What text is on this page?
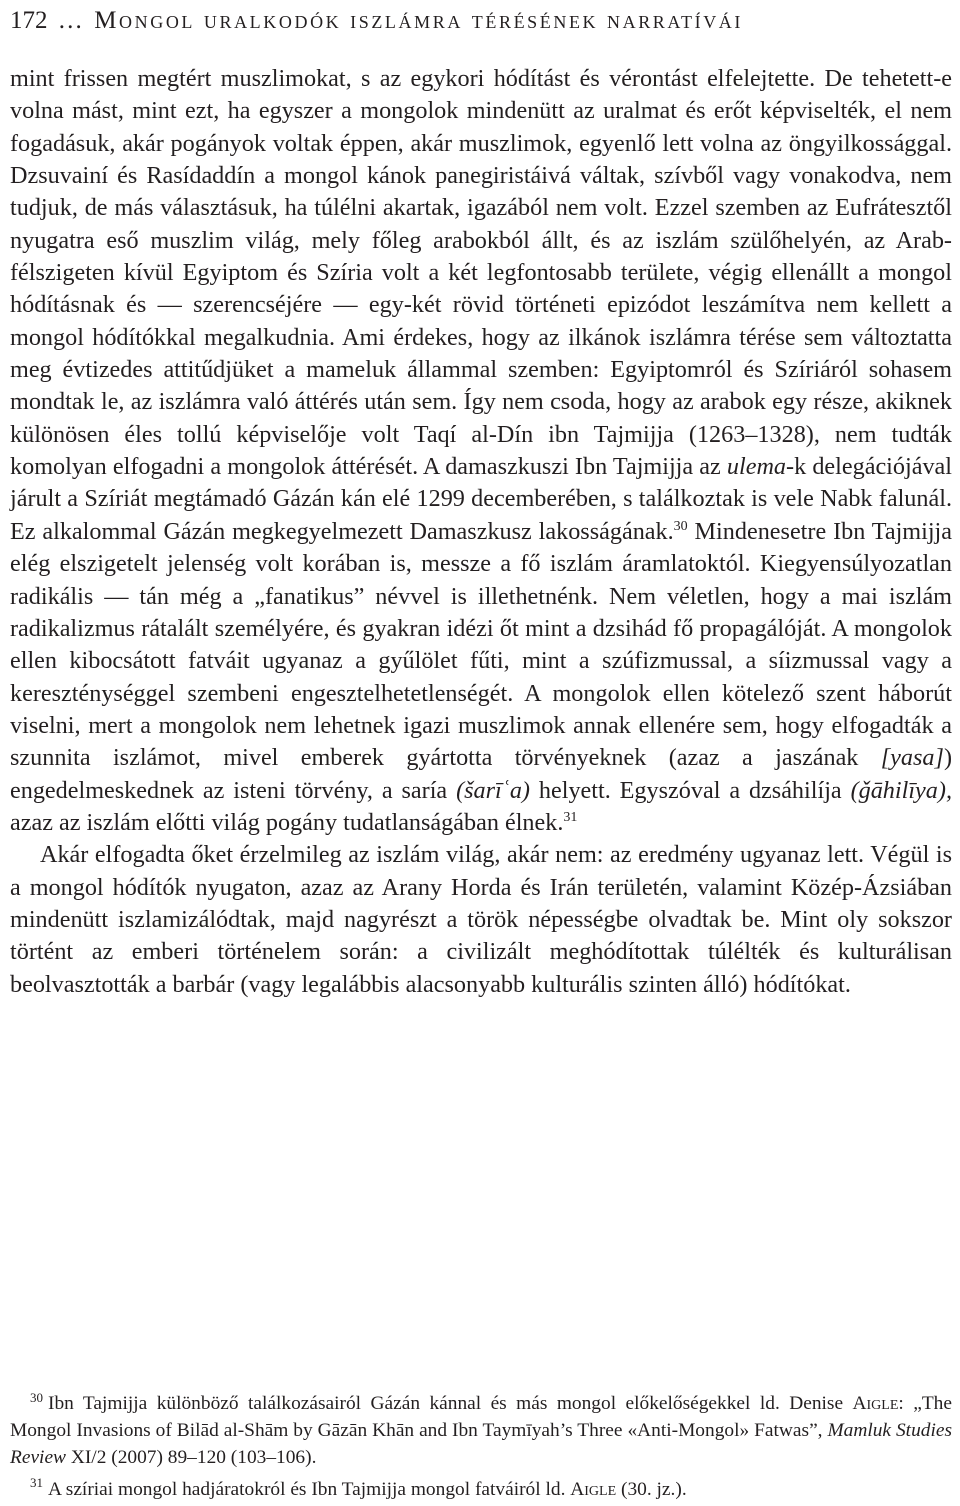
172 … Mongol uralkodók iszlámra térésének narratívái

mint frissen megtért muszlimokat, s az egykori hódítást és vérontást elfelejtette. De tehetett-e volna mást, mint ezt, ha egyszer a mongolok mindenütt az uralmat és erőt képviselték, el nem fogadásuk, akár pogányok voltak éppen, akár muszlimok, egyenlő lett volna az öngyilkossággal. Dzsuvainí és Rasídaddín a mongol kánok panegiristáivá váltak, szívből vagy vonakodva, nem tudjuk, de más választásuk, ha túlélni akartak, igazából nem volt. Ezzel szemben az Eufrátesztől nyugatra eső muszlim világ, mely főleg arabokból állt, és az iszlám szülőhelyén, az Arab-félszigeten kívül Egyiptom és Szíria volt a két legfontosabb területe, végig ellenállt a mongol hódításnak és — szerencséjére — egy-két rövid történeti epizódot leszámítva nem kellett a mongol hódítókkal megalkudnia. Ami érdekes, hogy az ilkánok iszlámra térése sem változtatta meg évtizedes attitűdjüket a mameluk állammal szemben: Egyiptomról és Szíriáról sohasem mondtak le, az iszlámra való áttérés után sem. Így nem csoda, hogy az arabok egy része, akiknek különösen éles tollú képviselője volt Taqí al-Dín ibn Tajmijja (1263–1328), nem tudták komolyan elfogadni a mongolok áttérését. A damaszkuszi Ibn Tajmijja az ulema-k delegációjával járult a Szíriát megtámadó Gázán kán elé 1299 decemberében, s találkoztak is vele Nabk falunál. Ez alkalommal Gázán megkegyelmezett Damaszkusz lakosságának.$^{30}$ Mindenesetre Ibn Tajmijja elég elszigetelt jelenség volt korában is, messze a fő iszlám áramlatoktól. Kiegyensúlyozatlan radikális — tán még a „fanatikus” névvel is illethetnénk. Nem véletlen, hogy a mai iszlám radikalizmus rátalált személyére, és gyakran idézi őt mint a dzsihád fő propagálóját. A mongolok ellen kibocsátott fatváit ugyanaz a gyűlölet fűti, mint a szúfizmussal, a síizmussal vagy a kereszténységgel szembeni engesztelhetetlenségét. A mongolok ellen kötelező szent háborút viselni, mert a mongolok nem lehetnek igazi muszlimok annak ellenére sem, hogy elfogadták a szunnita iszlámot, mivel emberek gyártotta törvényeknek (azaz a jaszának [yasa]) engedelmeskednek az isteni törvény, a saría (šarīʿa) helyett. Egyszóval a dzsáhilíja (ǧāhilīya), azaz az iszlám előtti világ pogány tudatlanságában élnek.$^{31}$

Akár elfogadta őket érzelmileg az iszlám világ, akár nem: az eredmény ugyanaz lett. Végül is a mongol hódítók nyugaton, azaz az Arany Horda és Irán területén, valamint Közép-Ázsiában mindenütt iszlamizálódtak, majd nagyrészt a török népességbe olvadtak be. Mint oly sokszor történt az emberi történelem során: a civilizált meghódítottak túlélték és kulturálisan beolvasztották a barbár (vagy legalábbis alacsonyabb kulturális szinten álló) hódítókat.

$^{30}$ Ibn Tajmijja különböző találkozásairól Gázán kánnal és más mongol előkelőségekkel ld. Denise Aigle: „The Mongol Invasions of Bilād al-Shām by Gāzān Khān and Ibn Taymīyah’s Three «Anti-Mongol» Fatwas”, Mamluk Studies Review XI/2 (2007) 89–120 (103–106).

$^{31}$ A szíriai mongol hadjáratokról és Ibn Tajmijja mongol fatváiról ld. Aigle (30. jz.).
